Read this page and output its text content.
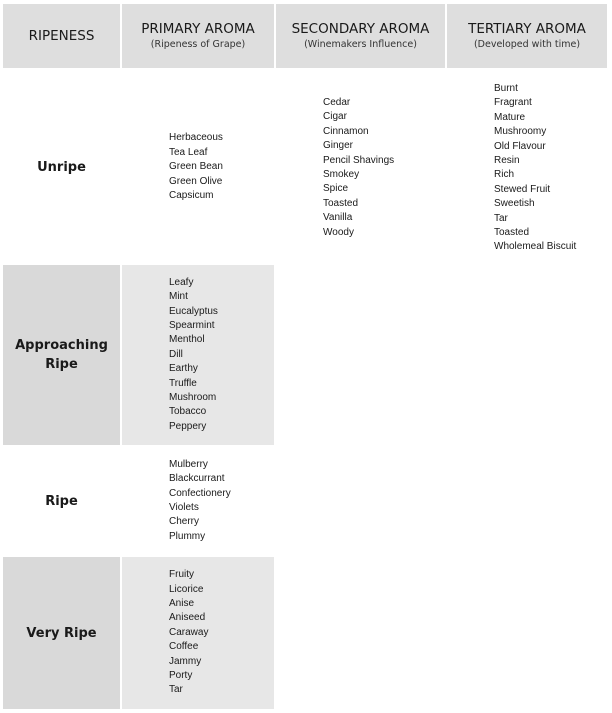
RIPENESS	PRIMARY AROMA
(Ripeness of Grape)
SECONDARY AROMA
(Winemakers Influence)
TERTIARY AROMA
(Developed with time)
Unripe
Herbaceous
Tea Leaf
Green Bean
Green Olive
Capsicum
Cedar
Cigar
Cinnamon
Ginger
Pencil Shavings
Smokey
Spice
Toasted
Vanilla
Woody
Burnt
Fragrant
Mature
Mushroomy
Old Flavour
Resin
Rich
Stewed Fruit
Sweetish
Tar
Toasted
Wholemeal Biscuit
Approaching Ripe
Leafy
Mint
Eucalyptus
Spearmint
Menthol
Dill
Earthy
Truffle
Mushroom
Tobacco
Peppery
Ripe
Mulberry
Blackcurrant
Confectionery
Violets
Cherry
Plummy
Very Ripe
Fruity
Licorice
Anise
Aniseed
Caraway
Coffee
Jammy
Porty
Tar
